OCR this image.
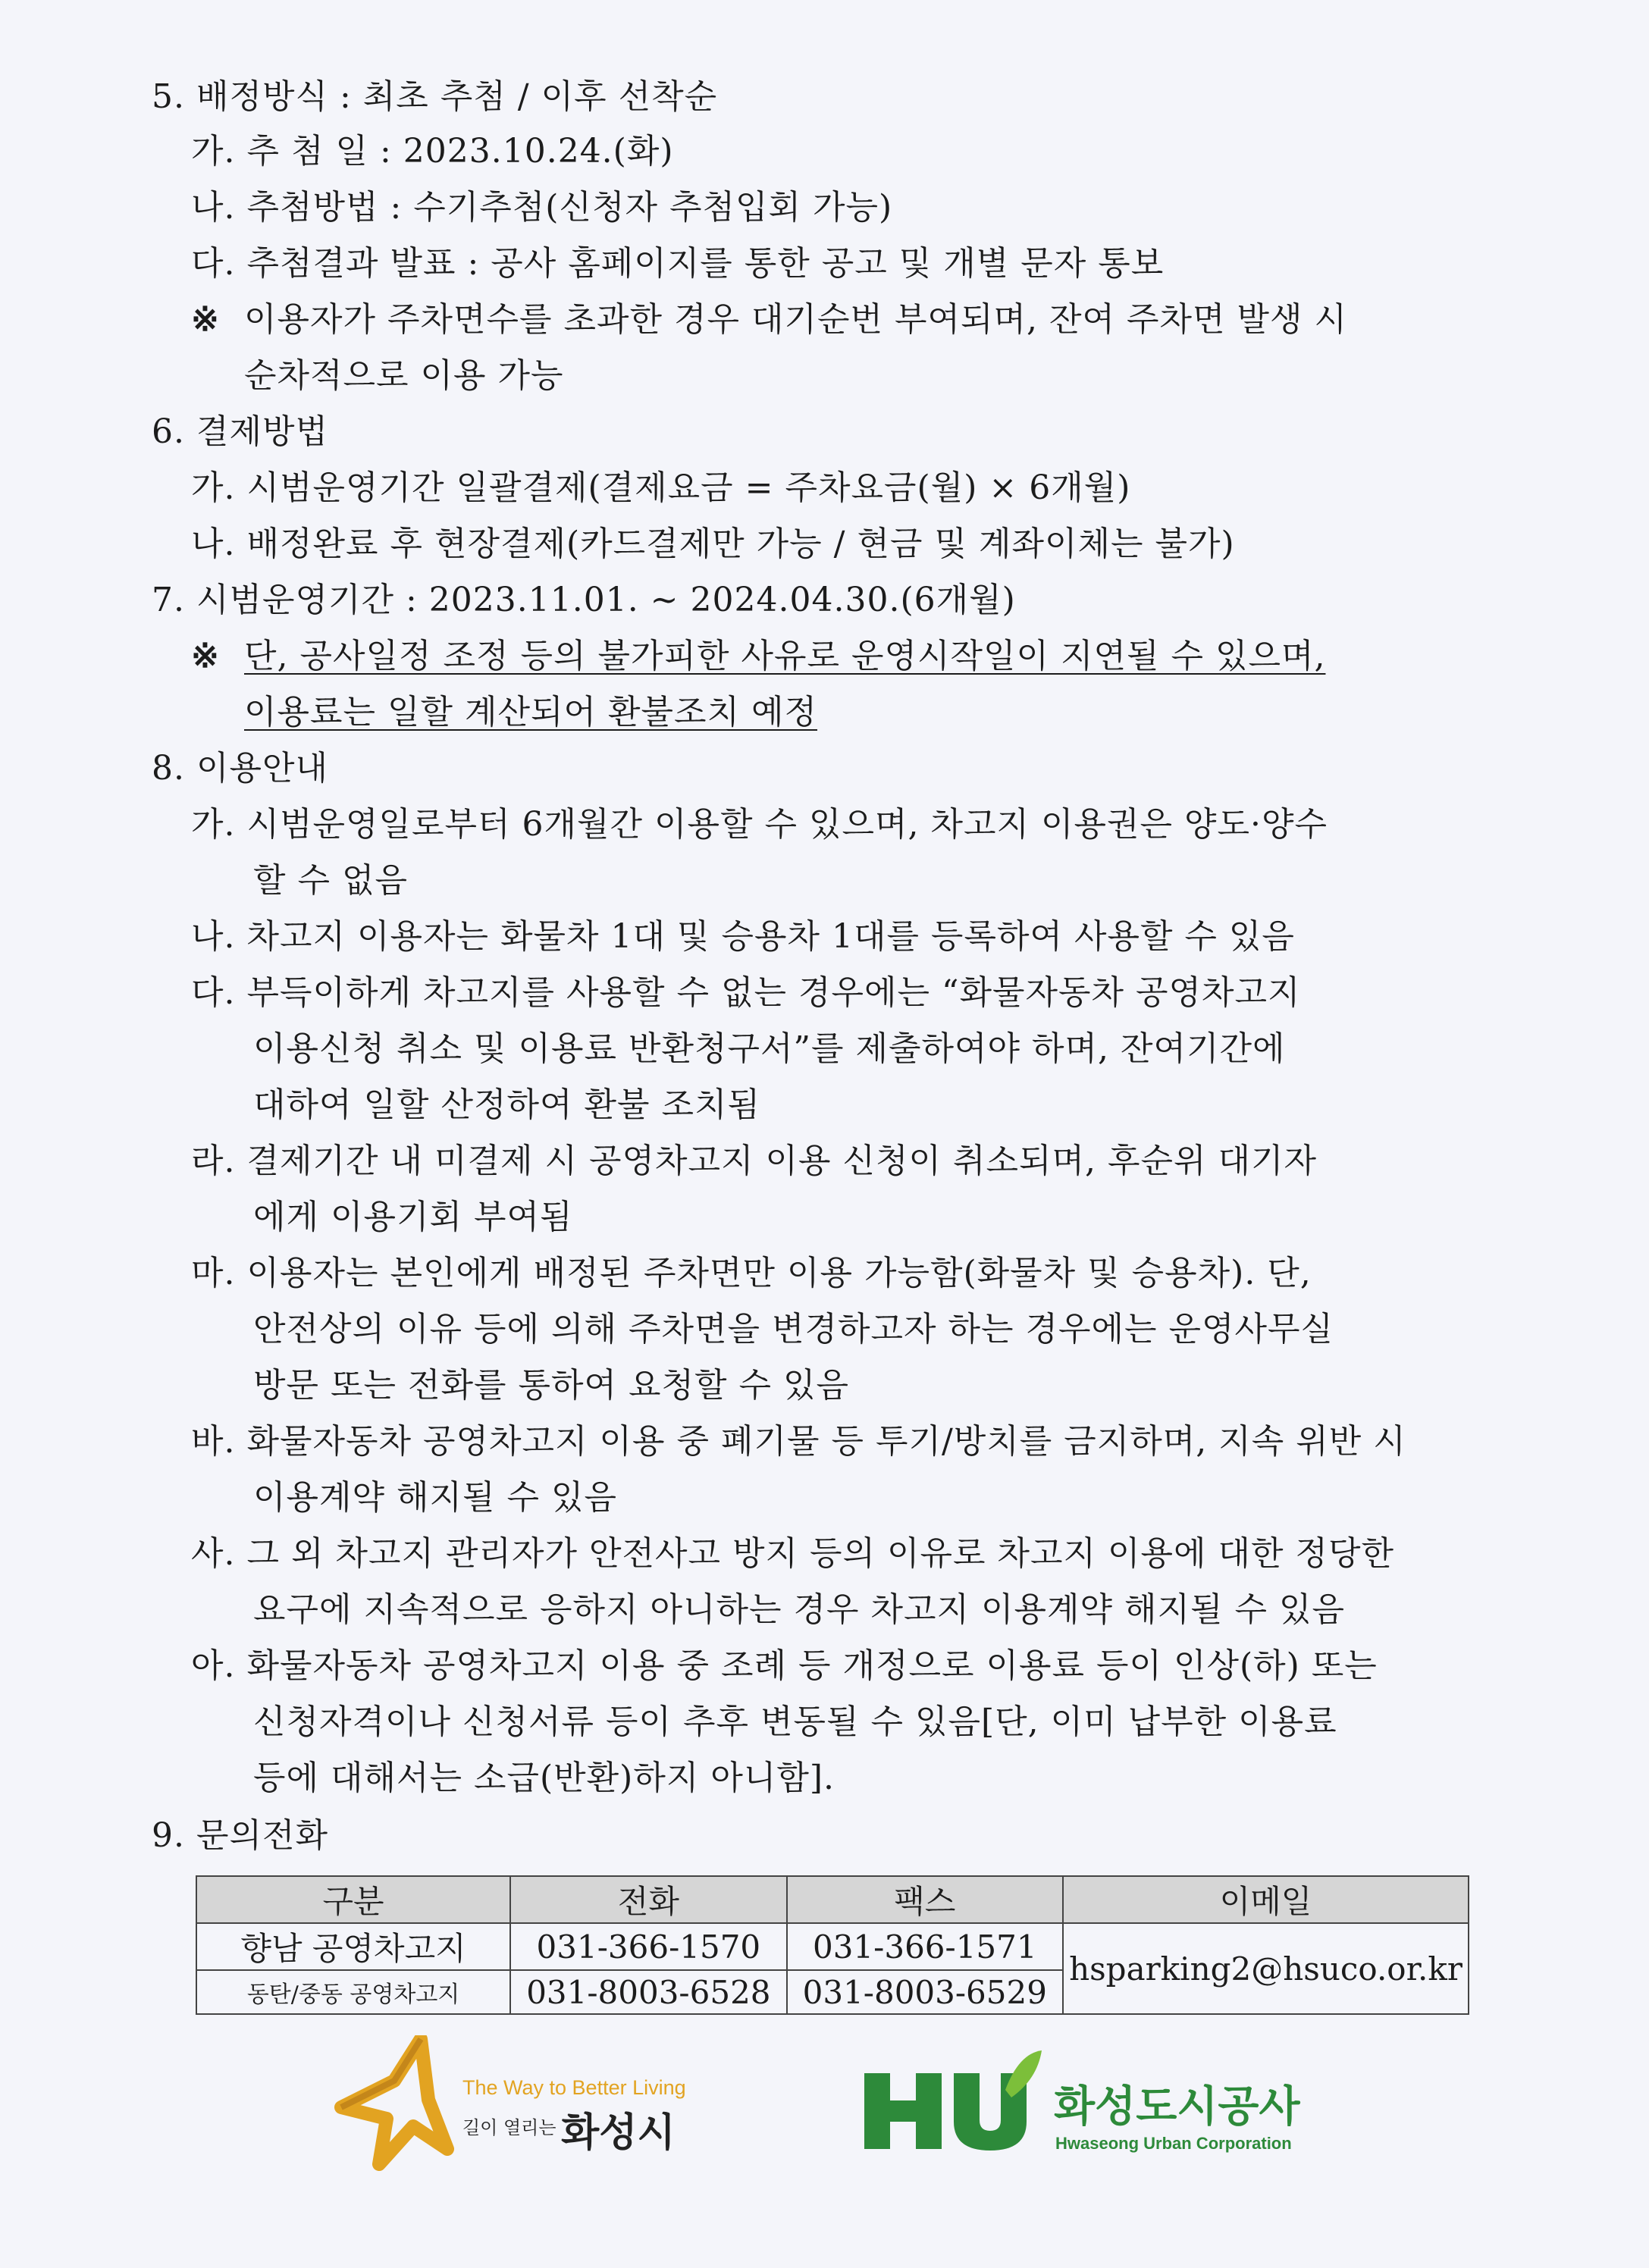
5. 배정방식 : 최초 추첨 / 이후 선착순
가. 추 첨 일 : 2023.10.24.(화)
나. 추첨방법 : 수기추첨(신청자 추첨입회 가능)
다. 추첨결과 발표 : 공사 홈페이지를 통한 공고 및 개별 문자 통보
※ 이용자가 주차면수를 초과한 경우 대기순번 부여되며, 잔여 주차면 발생 시
순차적으로 이용 가능
6. 결제방법
가. 시범운영기간 일괄결제(결제요금 = 주차요금(월) × 6개월)
나. 배정완료 후 현장결제(카드결제만 가능 / 현금 및 계좌이체는 불가)
7. 시범운영기간 : 2023.11.01. ~ 2024.04.30.(6개월)
※ 단, 공사일정 조정 등의 불가피한 사유로 운영시작일이 지연될 수 있으며,
이용료는 일할 계산되어 환불조치 예정
8. 이용안내
가. 시범운영일로부터 6개월간 이용할 수 있으며, 차고지 이용권은 양도·양수
할 수 없음
나. 차고지 이용자는 화물차 1대 및 승용차 1대를 등록하여 사용할 수 있음
다. 부득이하게 차고지를 사용할 수 없는 경우에는 “화물자동차 공영차고지
이용신청 취소 및 이용료 반환청구서”를 제출하여야 하며, 잔여기간에
대하여 일할 산정하여 환불 조치됨
라. 결제기간 내 미결제 시 공영차고지 이용 신청이 취소되며, 후순위 대기자
에게 이용기회 부여됨
마. 이용자는 본인에게 배정된 주차면만 이용 가능함(화물차 및 승용차). 단,
안전상의 이유 등에 의해 주차면을 변경하고자 하는 경우에는 운영사무실
방문 또는 전화를 통하여 요청할 수 있음
바. 화물자동차 공영차고지 이용 중 폐기물 등 투기/방치를 금지하며, 지속 위반 시
이용계약 해지될 수 있음
사. 그 외 차고지 관리자가 안전사고 방지 등의 이유로 차고지 이용에 대한 정당한
요구에 지속적으로 응하지 아니하는 경우 차고지 이용계약 해지될 수 있음
아. 화물자동차 공영차고지 이용 중 조례 등 개정으로 이용료 등이 인상(하) 또는
신청자격이나 신청서류 등이 추후 변동될 수 있음[단, 이미 납부한 이용료
등에 대해서는 소급(반환)하지 아니함].
9. 문의전화
구분	전화	팩스	이메일
향남 공영차고지	031-366-1570	031-366-1571	hsparking2@hsuco.or.kr
동탄/중동 공영차고지	031-8003-6528	031-8003-6529	
The Way to Better Living
길이 열리는 화성시
화성도시공사
Hwaseong Urban Corporation
